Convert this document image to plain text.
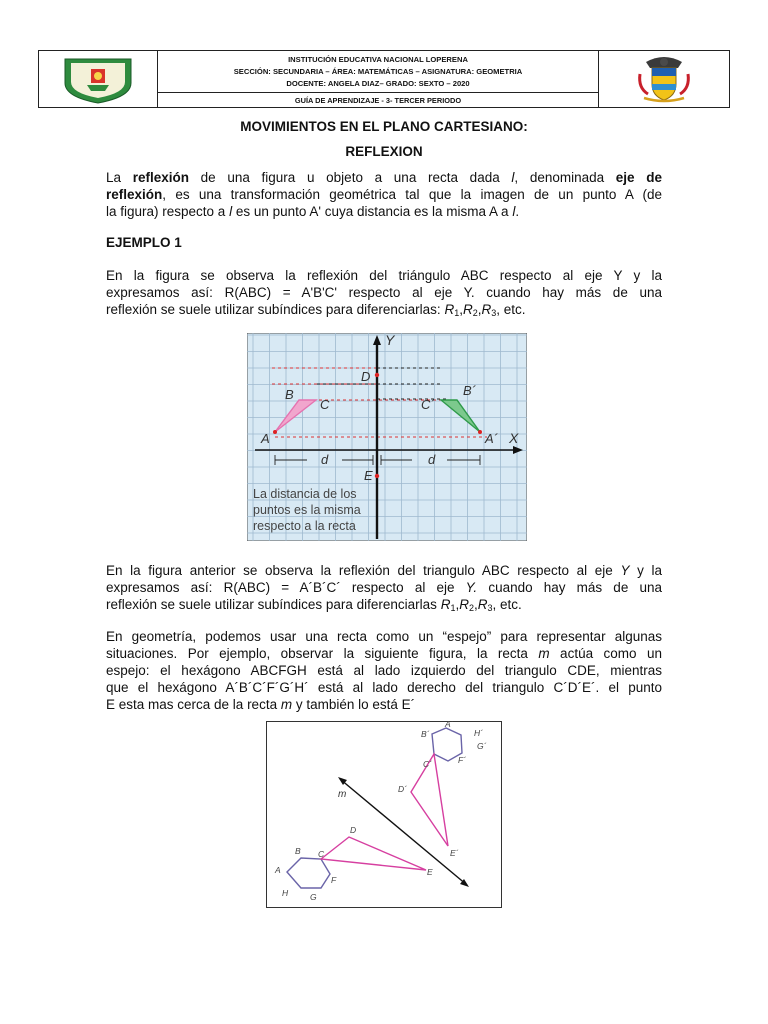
INSTITUCIÓN EDUCATIVA NACIONAL LOPERENA
SECCIÓN: SECUNDARIA – ÁREA: MATEMÁTICAS – ASIGNATURA: GEOMETRIA
DOCENTE: ANGELA DIAZ– GRADO: SEXTO – 2020
GUÍA DE APRENDIZAJE - 3- TERCER PERIODO
MOVIMIENTOS EN EL PLANO CARTESIANO:
REFLEXION
La reflexión de una figura u objeto a una recta dada l, denominada eje de
reflexión, es una transformación geométrica tal que la imagen de un punto A (de
la figura) respecto a l es un punto A' cuya distancia es la misma A a l.
EJEMPLO 1
En la figura se observa la reflexión del triángulo ABC respecto al eje Y y la
expresamos así: R(ABC) = A'B'C' respecto al eje Y. cuando hay más de una
reflexión se suele utilizar subíndices para diferenciarlas: $R_1,R_2,R_3$, etc.
Y
X
A
B
C
D
E
A´
B´
C´
d	d
La distancia de los
puntos es la misma
respecto a la recta
En la figura anterior se observa la reflexión del triangulo ABC respecto al eje Y y la
expresamos así: R(ABC) = A´B´C´ respecto al eje Y. cuando hay más de una
reflexión se suele utilizar subíndices para diferenciarlas $R_1,R_2,R_3$, etc.
En geometría, podemos usar una recta como un “espejo” para representar algunas
situaciones. Por ejemplo, observar la siguiente figura, la recta m actúa como un
espejo: el hexágono ABCFGH está al lado izquierdo del triangulo CDE, mientras
que el hexágono A´B´C´F´G´H´ está al lado derecho del triangulo C´D´E´. el punto
E esta mas cerca de la recta m y también lo está E´
m
A
B C
D
E
F
G
H
A´
B´
C´
D´
E´
F´
G´
H´
